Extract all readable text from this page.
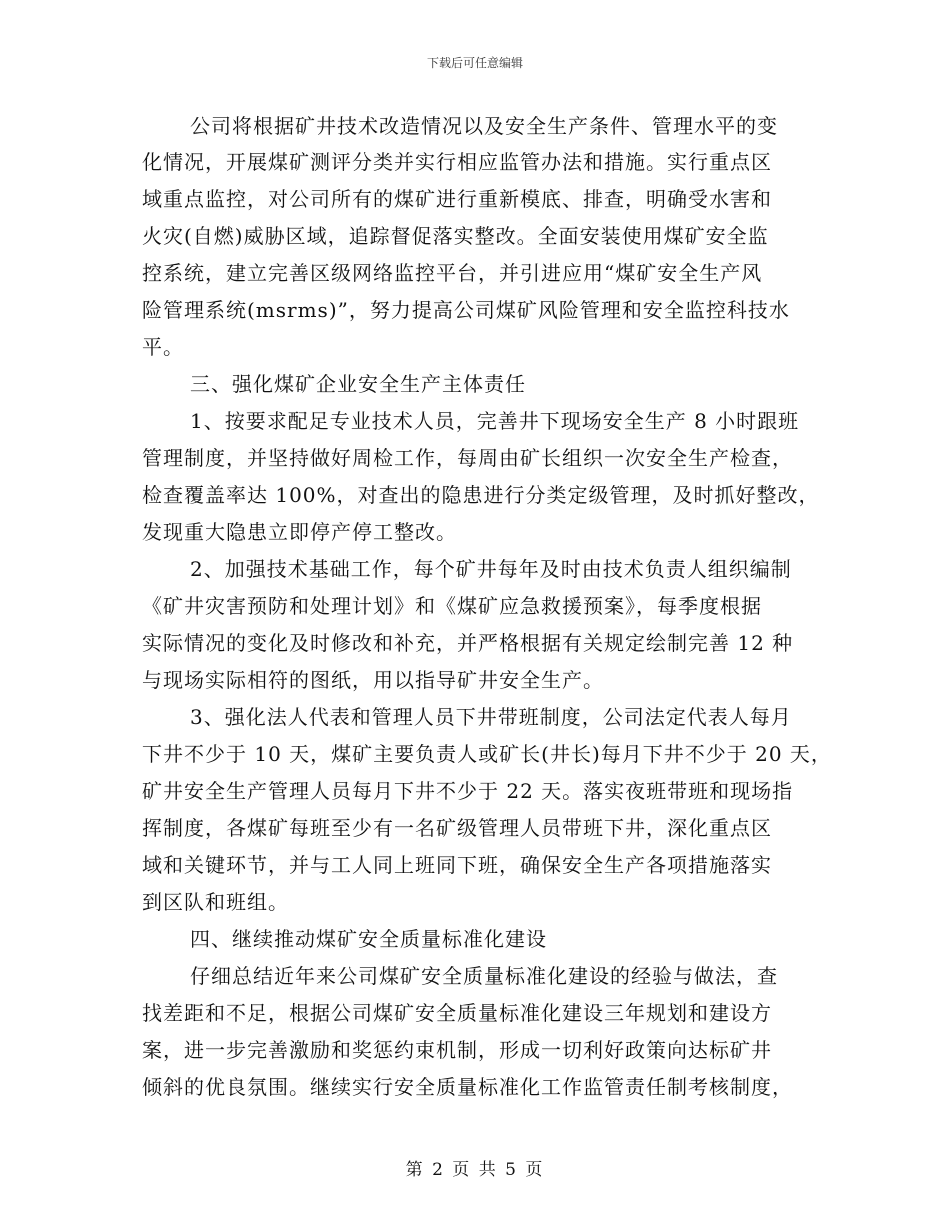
下载后可任意编辑
公司将根据矿井技术改造情况以及安全生产条件、管理水平的变
化情况，开展煤矿测评分类并实行相应监管办法和措施。实行重点区
域重点监控，对公司所有的煤矿进行重新模底、排查，明确受水害和
火灾(自燃)威胁区域，追踪督促落实整改。全面安装使用煤矿安全监
控系统，建立完善区级网络监控平台，并引进应用“煤矿安全生产风
险管理系统(msrms)”，努力提高公司煤矿风险管理和安全监控科技水
平。
三、强化煤矿企业安全生产主体责任
1、按要求配足专业技术人员，完善井下现场安全生产 8 小时跟班
管理制度，并坚持做好周检工作，每周由矿长组织一次安全生产检查，
检查覆盖率达 100%，对查出的隐患进行分类定级管理，及时抓好整改，
发现重大隐患立即停产停工整改。
2、加强技术基础工作，每个矿井每年及时由技术负责人组织编制
《矿井灾害预防和处理计划》和《煤矿应急救援预案》，每季度根据
实际情况的变化及时修改和补充，并严格根据有关规定绘制完善 12 种
与现场实际相符的图纸，用以指导矿井安全生产。
3、强化法人代表和管理人员下井带班制度，公司法定代表人每月
下井不少于 10 天，煤矿主要负责人或矿长(井长)每月下井不少于 20 天，
矿井安全生产管理人员每月下井不少于 22 天。落实夜班带班和现场指
挥制度，各煤矿每班至少有一名矿级管理人员带班下井，深化重点区
域和关键环节，并与工人同上班同下班，确保安全生产各项措施落实
到区队和班组。
四、继续推动煤矿安全质量标准化建设
仔细总结近年来公司煤矿安全质量标准化建设的经验与做法，查
找差距和不足，根据公司煤矿安全质量标准化建设三年规划和建设方
案，进一步完善激励和奖惩约束机制，形成一切利好政策向达标矿井
倾斜的优良氛围。继续实行安全质量标准化工作监管责任制考核制度，
第 2 页 共 5 页
